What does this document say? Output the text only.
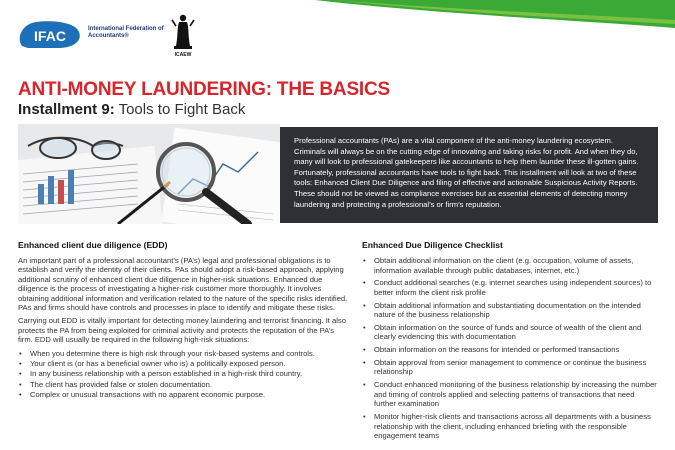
IFAC	International Federation of Accountants®
ICAEW
ANTI-MONEY LAUNDERING: THE BASICS
Installment 9: Tools to Fight Back
Professional accountants (PAs) are a vital component of the anti-money laundering ecosystem. Criminals will always be on the cutting edge of innovating and taking risks for profit. And when they do, many will look to professional gatekeepers like accountants to help them launder these ill-gotten gains. Fortunately, professional accountants have tools to fight back. This installment will look at two of these tools: Enhanced Client Due Diligence and filing of effective and actionable Suspicious Activity Reports. These should not be viewed as compliance exercises but as essential elements of detecting money laundering and protecting a professional’s or firm’s reputation.
Enhanced client due diligence (EDD)

An important part of a professional accountant’s (PA’s) legal and professional obligations is to establish and verify the identity of their clients. PAs should adopt a risk-based approach, applying additional scrutiny of enhanced client due diligence in higher-risk situations. Enhanced due diligence is the process of investigating a higher-risk customer more thoroughly. It involves obtaining additional information and verification related to the nature of the specific risks identified. PAs and firms should have controls and processes in place to identify and mitigate these risks.

Carrying out EDD is vitally important for detecting money laundering and terrorist financing. It also protects the PA from being exploited for criminal activity and protects the reputation of the PA’s firm. EDD will usually be required in the following high-risk situations:

• When you determine there is high risk through your risk-based systems and controls.
• Your client is (or has a beneficial owner who is) a politically exposed person.
• In any business relationship with a person established in a high-risk third country.
• The client has provided false or stolen documentation.
• Complex or unusual transactions with no apparent economic purpose.
Enhanced Due Diligence Checklist
• Obtain additional information on the client (e.g. occupation, volume of assets, information available through public databases, internet, etc.)
• Conduct additional searches (e.g. internet searches using independent sources) to better inform the client risk profile
• Obtain additional information and substantiating documentation on the intended nature of the business relationship
• Obtain information on the source of funds and source of wealth of the client and clearly evidencing this with documentation
• Obtain information on the reasons for intended or performed transactions
• Obtain approval from senior management to commence or continue the business relationship
• Conduct enhanced monitoring of the business relationship by increasing the number and timing of controls applied and selecting patterns of transactions that need further examination
• Monitor higher-risk clients and transactions across all departments with a business relationship with the client, including enhanced briefing with the responsible engagement teams
